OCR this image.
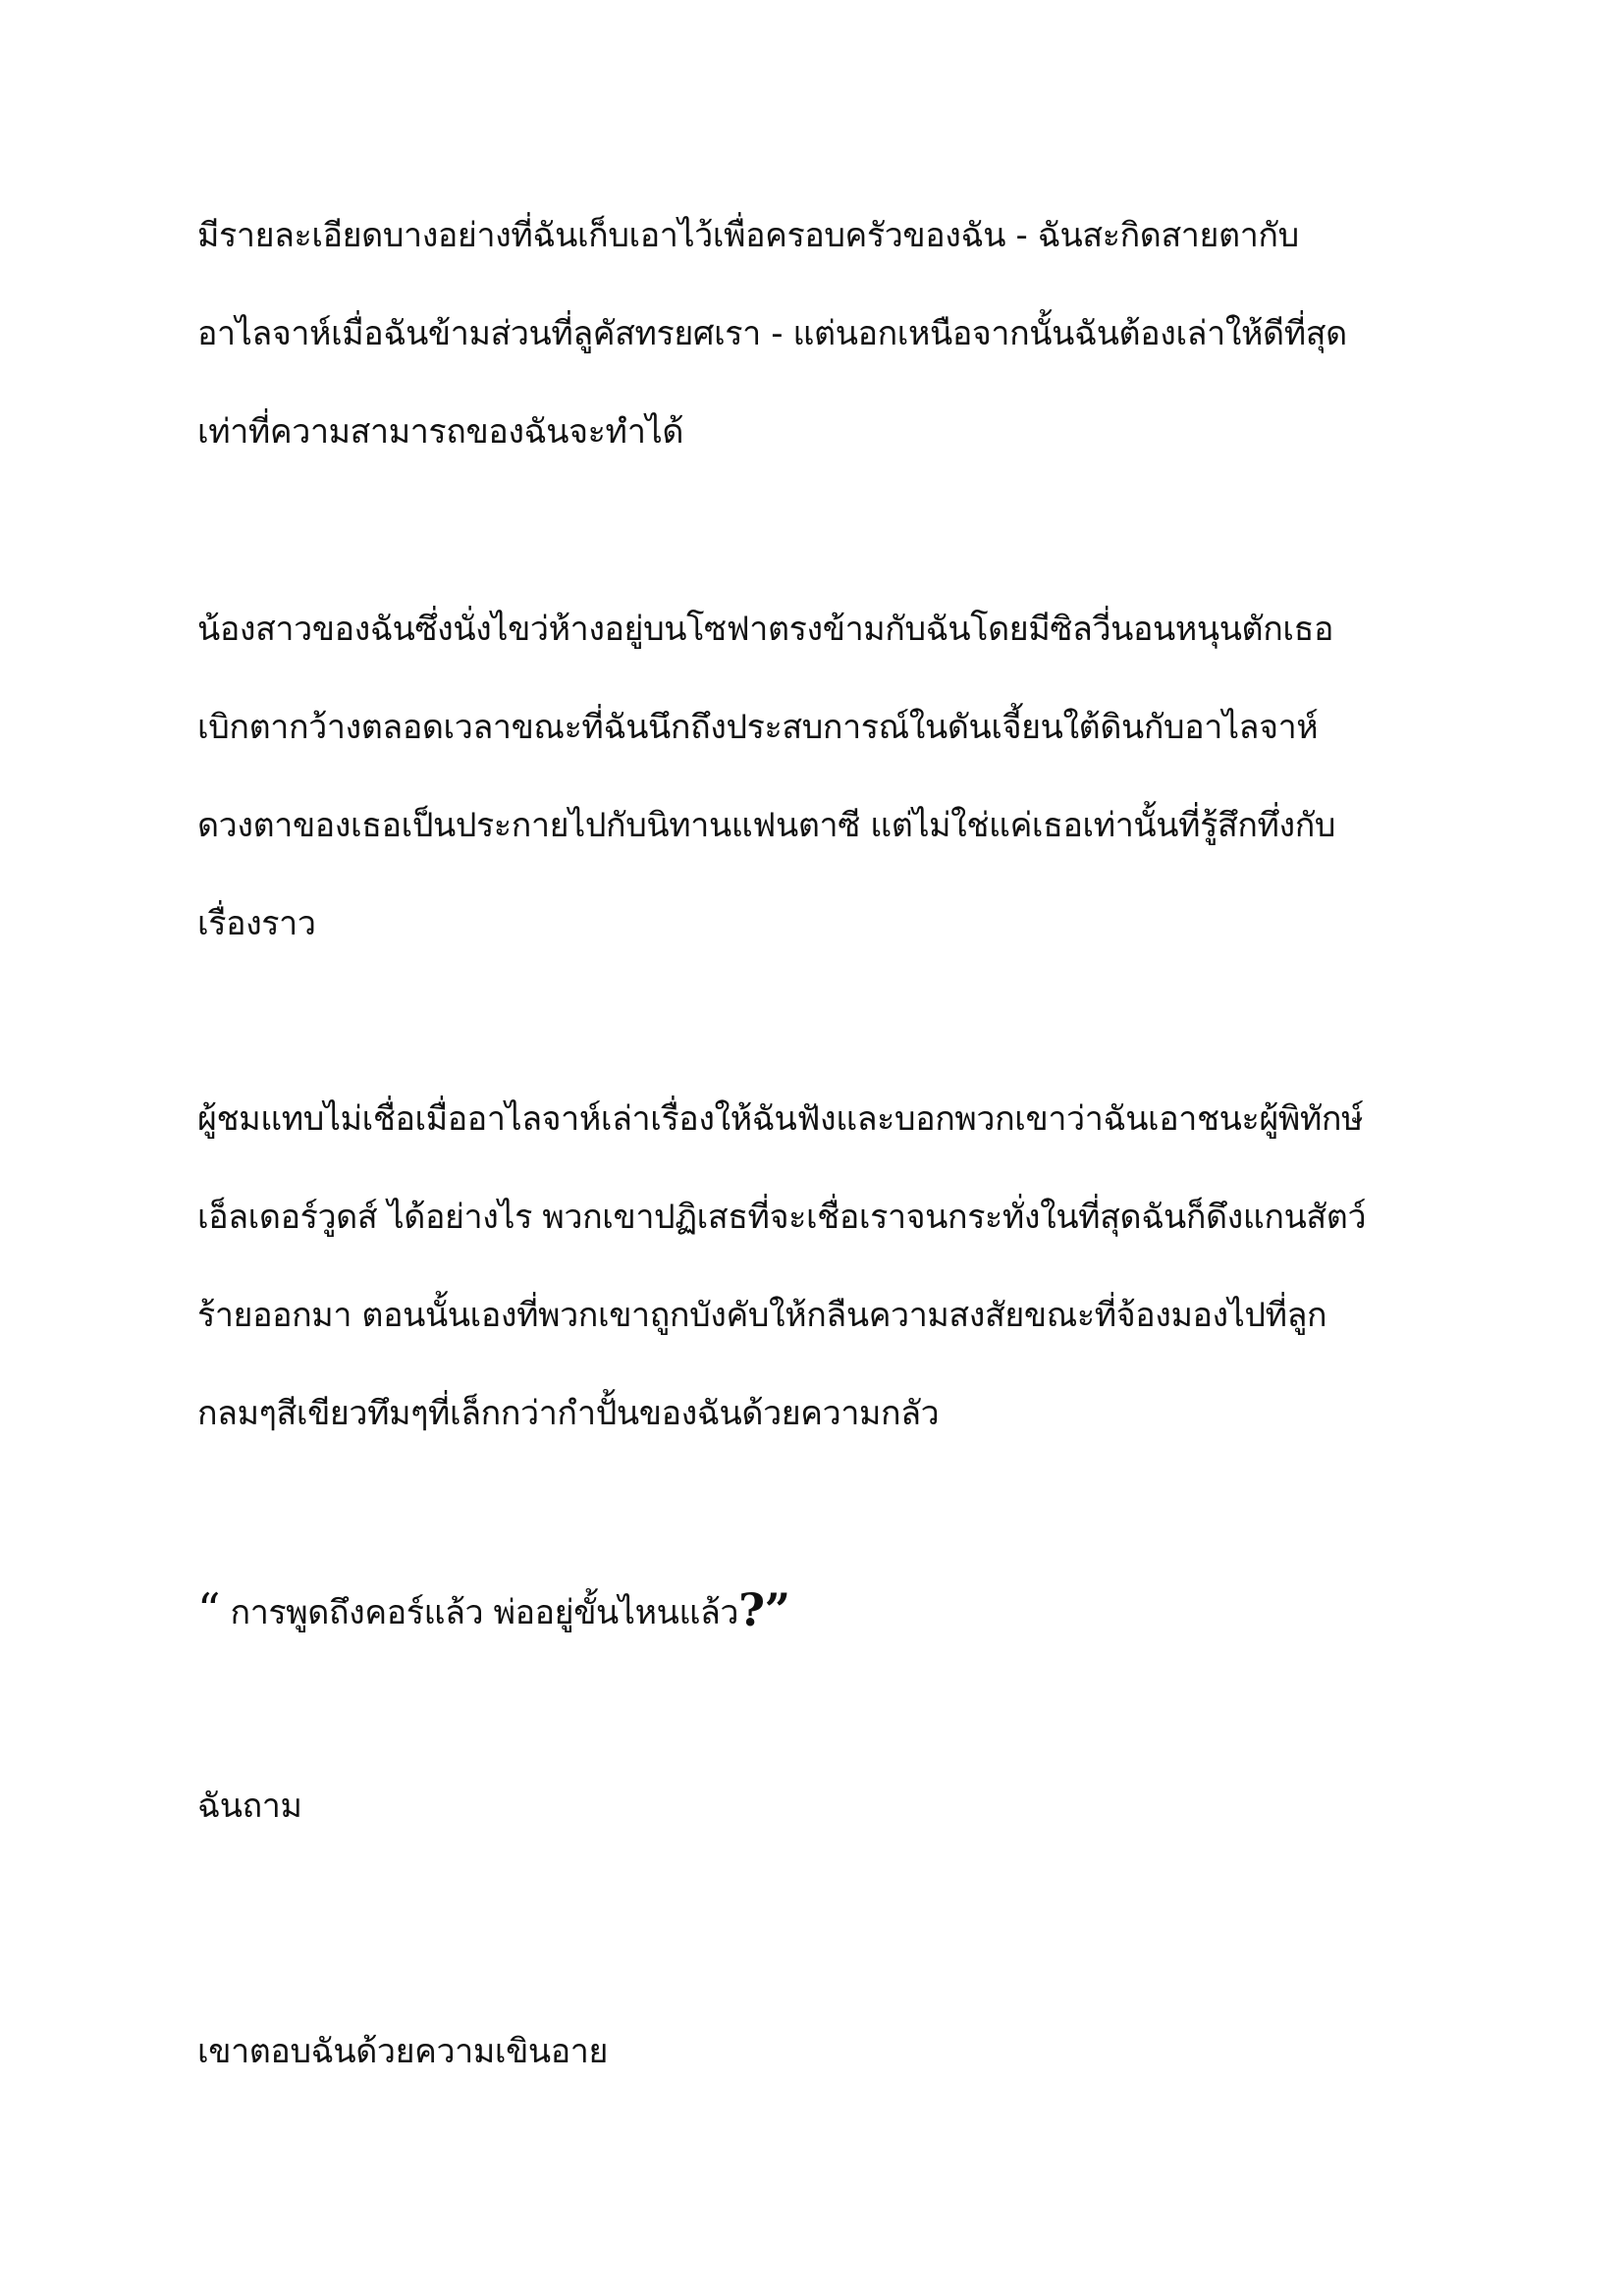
มีรายละเอียดบางอย่างที่ฉันเก็บเอาไว้เพื่อครอบครัวของฉัน - ฉันสะกิดสายตากับ
อาไลจาห์เมื่อฉันข้ามส่วนที่ลูคัสทรยศเรา - แต่นอกเหนือจากนั้นฉันต้องเล่าให้ดีที่สุด
เท่าที่ความสามารถของฉันจะทำได้
น้องสาวของฉันซึ่งนั่งไขว่ห้างอยู่บนโซฟาตรงข้ามกับฉันโดยมีซิลวี่นอนหนุนตักเธอ
เบิกตากว้างตลอดเวลาขณะที่ฉันนึกถึงประสบการณ์ในดันเจี้ยนใต้ดินกับอาไลจาห์
ดวงตาของเธอเป็นประกายไปกับนิทานแฟนตาซี แต่ไม่ใช่แค่เธอเท่านั้นที่รู้สึกทึ่งกับ
เรื่องราว
ผู้ชมแทบไม่เชื่อเมื่ออาไลจาห์เล่าเรื่องให้ฉันฟังและบอกพวกเขาว่าฉันเอาชนะผู้พิทักษ์
เอ็ลเดอร์วูดส์ ได้อย่างไร พวกเขาปฏิเสธที่จะเชื่อเราจนกระทั่งในที่สุดฉันก็ดึงแกนสัตว์
ร้ายออกมา ตอนนั้นเองที่พวกเขาถูกบังคับให้กลืนความสงสัยขณะที่จ้องมองไปที่ลูก
กลมๆสีเขียวทึมๆที่เล็กกว่ากำปั้นของฉันด้วยความกลัว
“ การพูดถึงคอร์แล้ว พ่ออยู่ขั้นไหนแล้ว?”
ฉันถาม
เขาตอบฉันด้วยความเขินอาย
